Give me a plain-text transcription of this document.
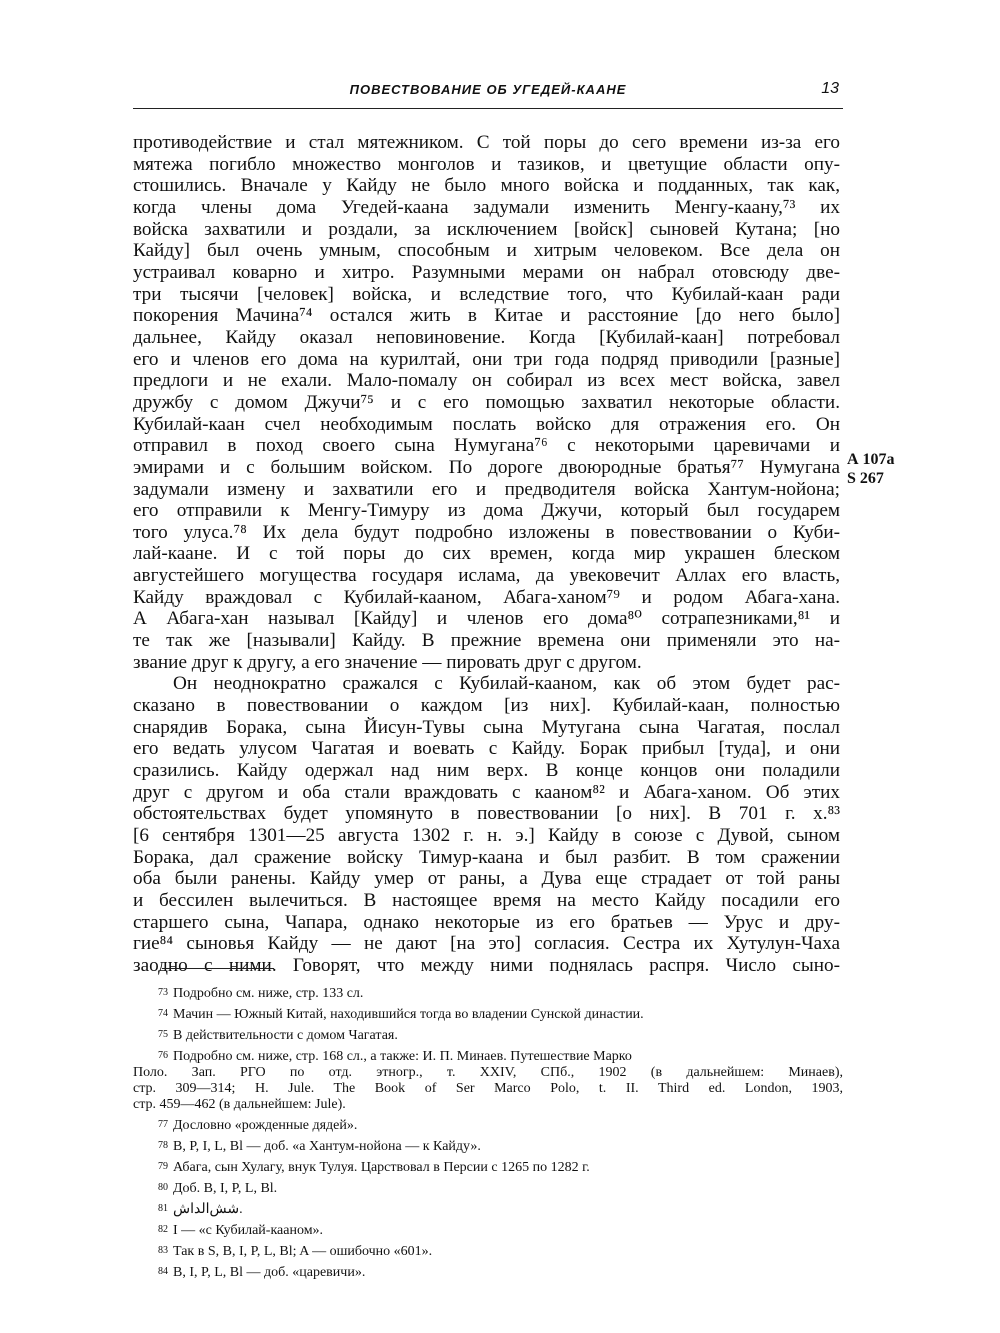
ПОВЕСТВОВАНИЕ ОБ УГЕДЕЙ-КААНЕ	13
А 107а
S 267
противодействие и стал мятежником. С той поры до сего времени из-за его
мятежа погибло множество монголов и тазиков, и цветущие области опу-
стошились. Вначале у Кайду не было много войска и подданных, так как,
когда члены дома Угедей-каана задумали изменить Менгу-каану,⁷³ их
войска захватили и роздали, за исключением [войск] сыновей Кутана; [но
Кайду] был очень умным, способным и хитрым человеком. Все дела он
устраивал коварно и хитро. Разумными мерами он набрал отовсюду две-
три тысячи [человек] войска, и вследствие того, что Кубилай-каан ради
покорения Мачина⁷⁴ остался жить в Китае и расстояние [до него было]
дальнее, Кайду оказал неповиновение. Когда [Кубилай-каан] потребовал
его и членов его дома на курилтай, они три года подряд приводили [разные]
предлоги и не ехали. Мало-помалу он собирал из всех мест войска, завел
дружбу с домом Джучи⁷⁵ и с его помощью захватил некоторые области.
Кубилай-каан счел необходимым послать войско для отражения его. Он
отправил в поход своего сына Нумугана⁷⁶ с некоторыми царевичами и
эмирами и с большим войском. По дороге двоюродные братья⁷⁷ Нумугана
задумали измену и захватили его и предводителя войска Хантум-нойона;
его отправили к Менгу-Тимуру из дома Джучи, который был государем
того улуса.⁷⁸ Их дела будут подробно изложены в повествовании о Куби-
лай-каане. И с той поры до сих времен, когда мир украшен блеском
августейшего могущества государя ислама, да увековечит Аллах его власть,
Кайду враждовал с Кубилай-кааном, Абага-ханом⁷⁹ и родом Абага-хана.
А Абага-хан называл [Кайду] и членов его дома⁸⁰ сотрапезниками,⁸¹ и
те так же [называли] Кайду. В прежние времена они применяли это на-
звание друг к другу, а его значение — пировать друг с другом.
Он неоднократно сражался с Кубилай-кааном, как об этом будет рас-
сказано в повествовании о каждом [из них]. Кубилай-каан, полностью
снарядив Борака, сына Йисун-Тувы сына Мутугана сына Чагатая, послал
его ведать улусом Чагатая и воевать с Кайду. Борак прибыл [туда], и они
сразились. Кайду одержал над ним верх. В конце концов они поладили
друг с другом и оба стали враждовать с кааном⁸² и Абага-ханом. Об этих
обстоятельствах будет упомянуто в повествовании [о них]. В 701 г. х.⁸³
[6 сентября 1301—25 августа 1302 г. н. э.] Кайду в союзе с Дувой, сыном
Борака, дал сражение войску Тимур-каана и был разбит. В том сражении
оба были ранены. Кайду умер от раны, а Дува еще страдает от той раны
и бессилен вылечиться. В настоящее время на место Кайду посадили его
старшего сына, Чапара, однако некоторые из его братьев — Урус и дру-
гие⁸⁴ сыновья Кайду — не дают [на это] согласия. Сестра их Хутулун-Чаха
заодно с ними. Говорят, что между ними поднялась распря. Число сыно-
73 Подробно см. ниже, стр. 133 сл.
74 Мачин — Южный Китай, находившийся тогда во владении Сунской династии.
75 В действительности с домом Чагатая.
76 Подробно см. ниже, стр. 168 сл., а также: И. П. Минаев. Путешествие Марко
Поло. Зап. РГО по отд. этногр., т. XXIV, СПб., 1902 (в дальнейшем: Минаев),
стр. 309—314; H. Jule. The Book of Ser Marco Polo, t. II. Third ed. London, 1903,
стр. 459—462 (в дальнейшем: Jule).
77 Дословно «рожденные дядей».
78 B, P, I, L, Bl — доб. «а Хантум-нойона — к Кайду».
79 Абага, сын Хулагу, внук Тулуя. Царствовал в Персии с 1265 по 1282 г.
80 Доб. B, I, P, L, Bl.
81 شش‌الداش.
82 I — «с Кубилай-кааном».
83 Так в S, B, I, P, L, Bl; A — ошибочно «601».
84 B, I, P, L, Bl — доб. «царевичи».
